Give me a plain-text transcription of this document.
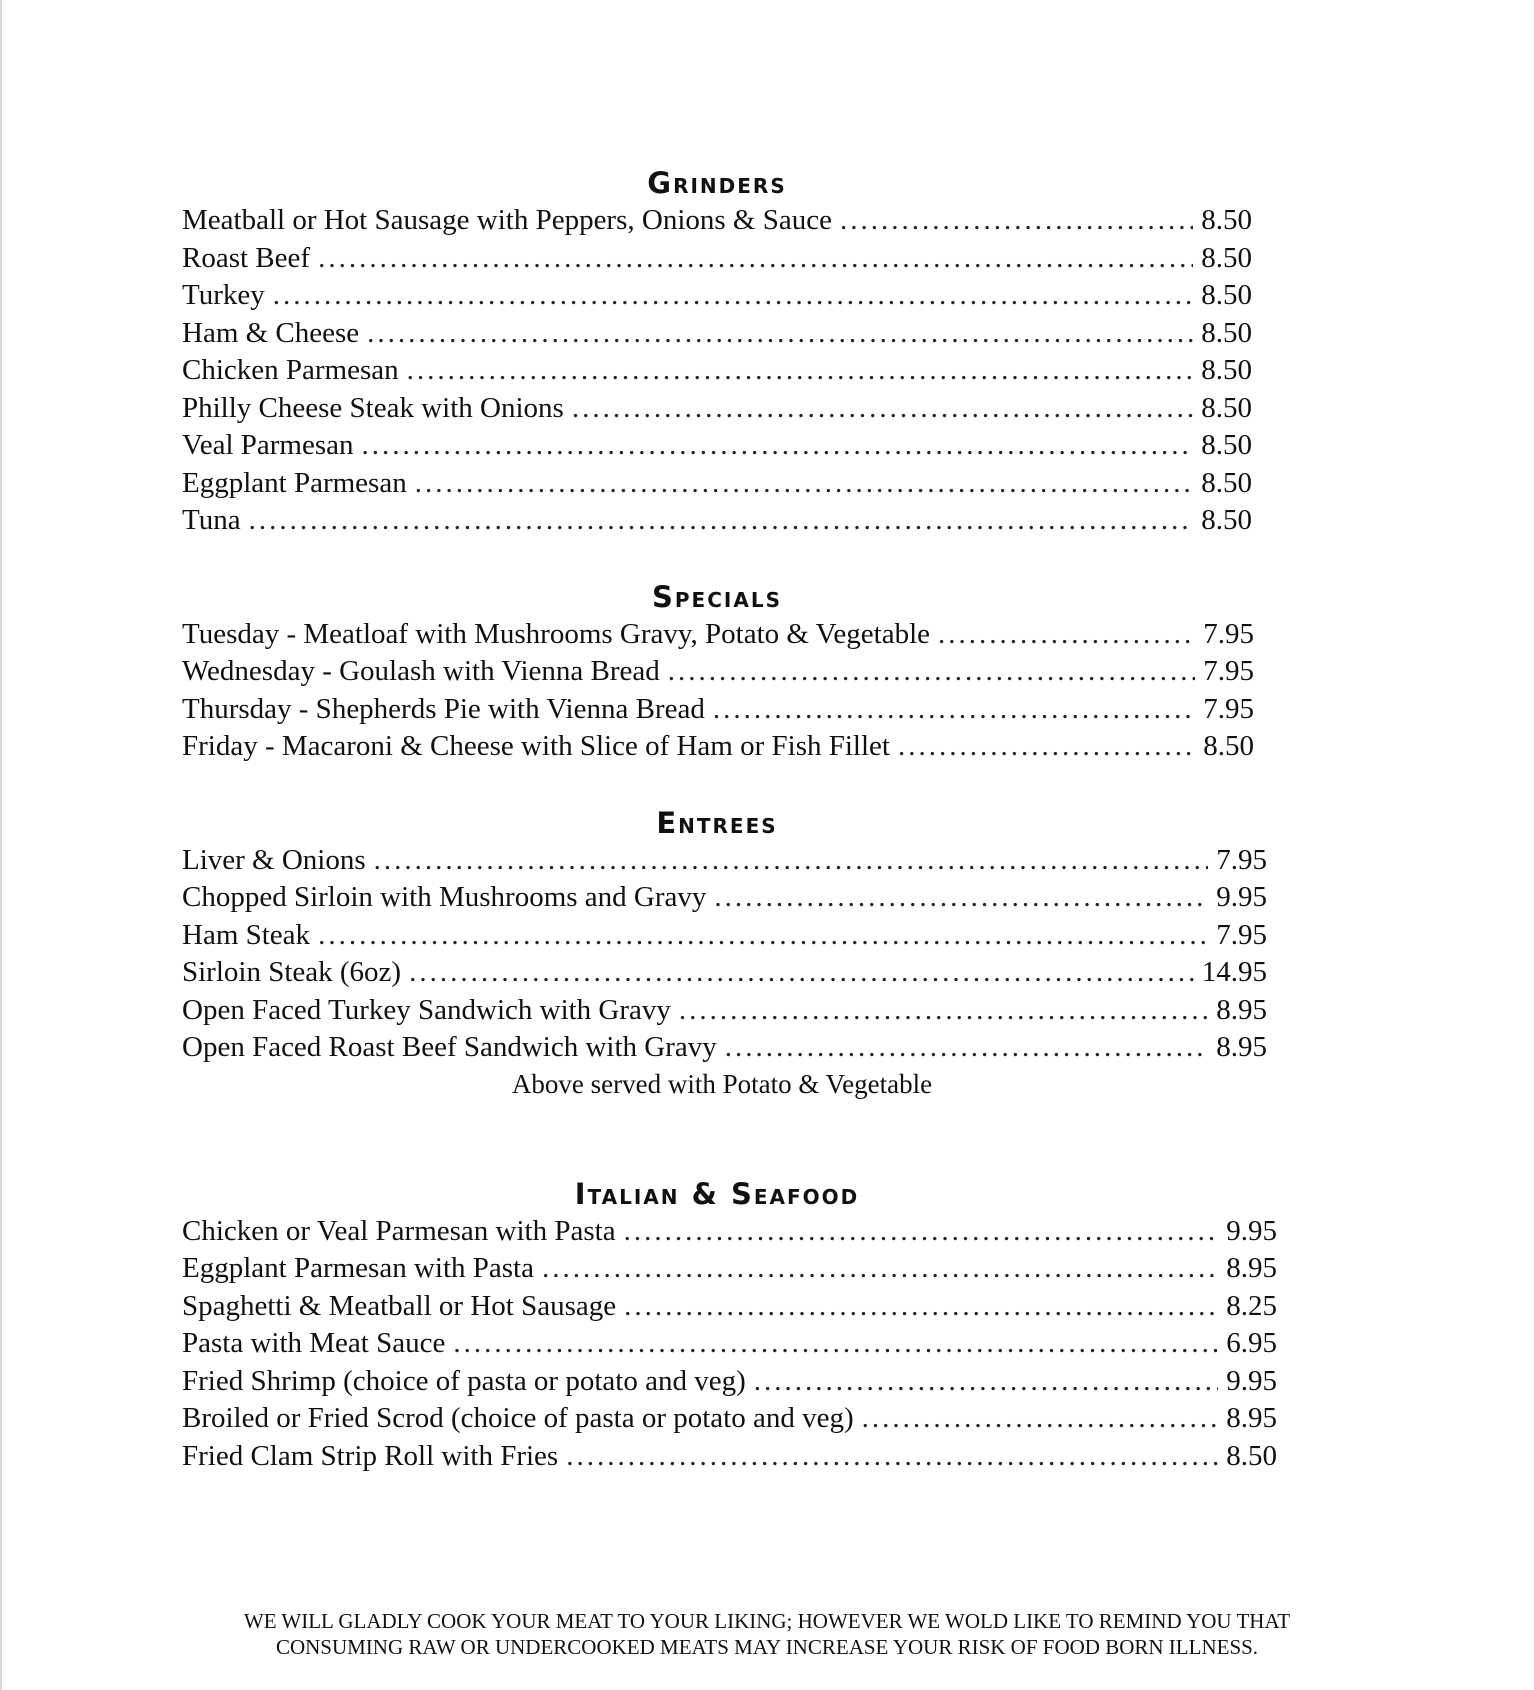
Grinders
Meatball or Hot Sausage with Peppers, Onions & Sauce .....	8.50
Roast Beef .....	8.50
Turkey .....	8.50
Ham & Cheese .....	8.50
Chicken Parmesan .....	8.50
Philly Cheese Steak with Onions .....	8.50
Veal Parmesan .....	8.50
Eggplant Parmesan .....	8.50
Tuna .....	8.50
Specials
Tuesday - Meatloaf with Mushrooms Gravy, Potato & Vegetable .....	7.95
Wednesday - Goulash with Vienna Bread .....	7.95
Thursday - Shepherds Pie with Vienna Bread .....	7.95
Friday - Macaroni & Cheese with Slice of Ham or Fish Fillet .....	8.50
Entrees
Liver & Onions .....	7.95
Chopped Sirloin with Mushrooms and Gravy .....	9.95
Ham Steak .....	7.95
Sirloin Steak (6oz) .....	14.95
Open Faced Turkey Sandwich with Gravy .....	8.95
Open Faced Roast Beef Sandwich with Gravy .....	8.95
Above served with Potato & Vegetable
Italian & Seafood
Chicken or Veal Parmesan with Pasta .....	9.95
Eggplant Parmesan with Pasta .....	8.95
Spaghetti & Meatball or Hot Sausage .....	8.25
Pasta with Meat Sauce .....	6.95
Fried Shrimp (choice of pasta or potato and veg) .....	9.95
Broiled or Fried Scrod (choice of pasta or potato and veg) .....	8.95
Fried Clam Strip Roll with Fries .....	8.50
WE WILL GLADLY COOK YOUR MEAT TO YOUR LIKING; HOWEVER WE WOLD LIKE TO REMIND YOU THAT
CONSUMING RAW OR UNDERCOOKED MEATS MAY INCREASE YOUR RISK OF FOOD BORN ILLNESS.
